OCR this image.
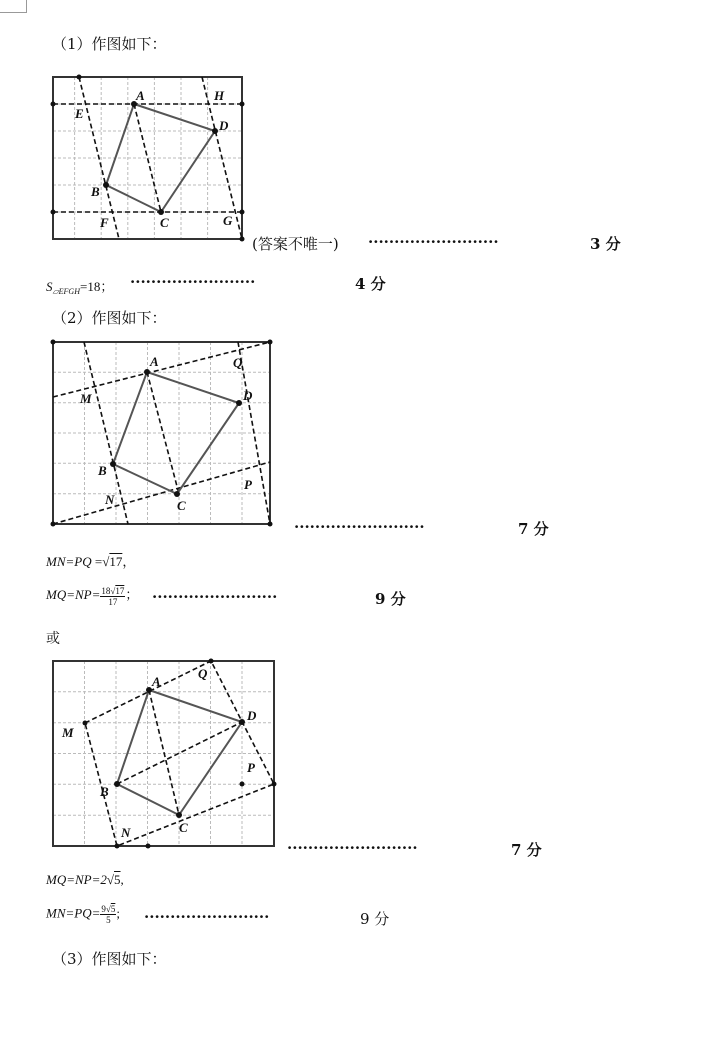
（1）作图如下：
A
D
C
B
E
F	G
H
(答案不唯一) ·························	3 分
$S_{▱EFGH}=18$； ························	4 分
（2）作图如下：
A
D
C
B
M
N
P
Q
·························	7 分
MN=PQ =√17，
$MQ=NP= \frac{18√17}{17}$ ； ························	9 分
或
A
D
C
B
M
N
P
Q
·························	7 分
MQ=NP=2√5,
$MN=PQ= \frac{9√5}{5}$ ; ························	9 分
（3）作图如下：
